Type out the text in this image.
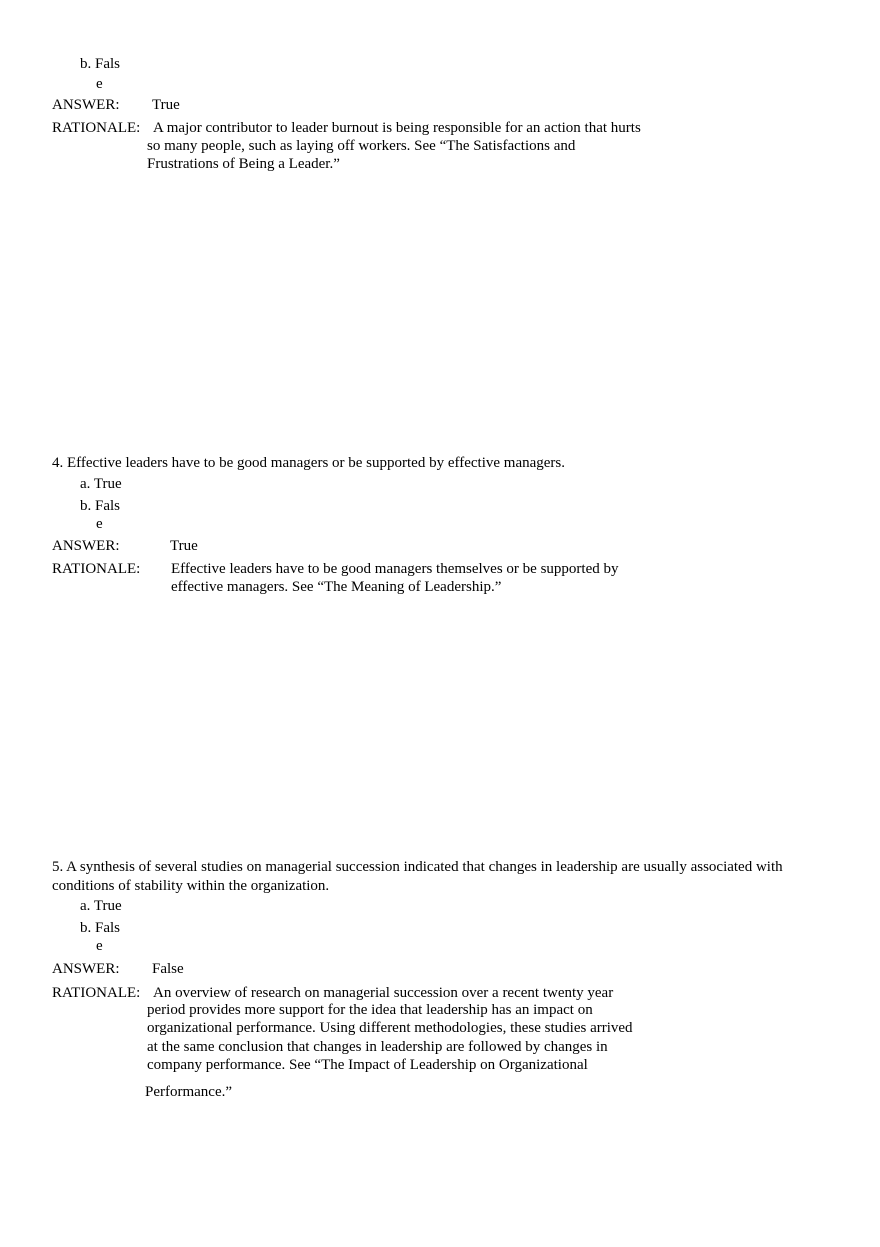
b. Fals
e
ANSWER: True
RATIONALE: A major contributor to leader burnout is being responsible for an action that hurts
so many people, such as laying off workers. See “The Satisfactions and
Frustrations of Being a Leader.”
4. Effective leaders have to be good managers or be supported by effective managers.
a. True
b. Fals
e
ANSWER:	True
RATIONALE: Effective leaders have to be good managers themselves or be supported by
effective managers. See “The Meaning of Leadership.”
5. A synthesis of several studies on managerial succession indicated that changes in leadership are usually associated with
conditions of stability within the organization.
a. True
b. Fals
e
ANSWER: False
RATIONALE: An overview of research on managerial succession over a recent twenty year
period provides more support for the idea that leadership has an impact on
organizational performance. Using different methodologies, these studies arrived
at the same conclusion that changes in leadership are followed by changes in
company performance. See “The Impact of Leadership on Organizational
Performance.”
